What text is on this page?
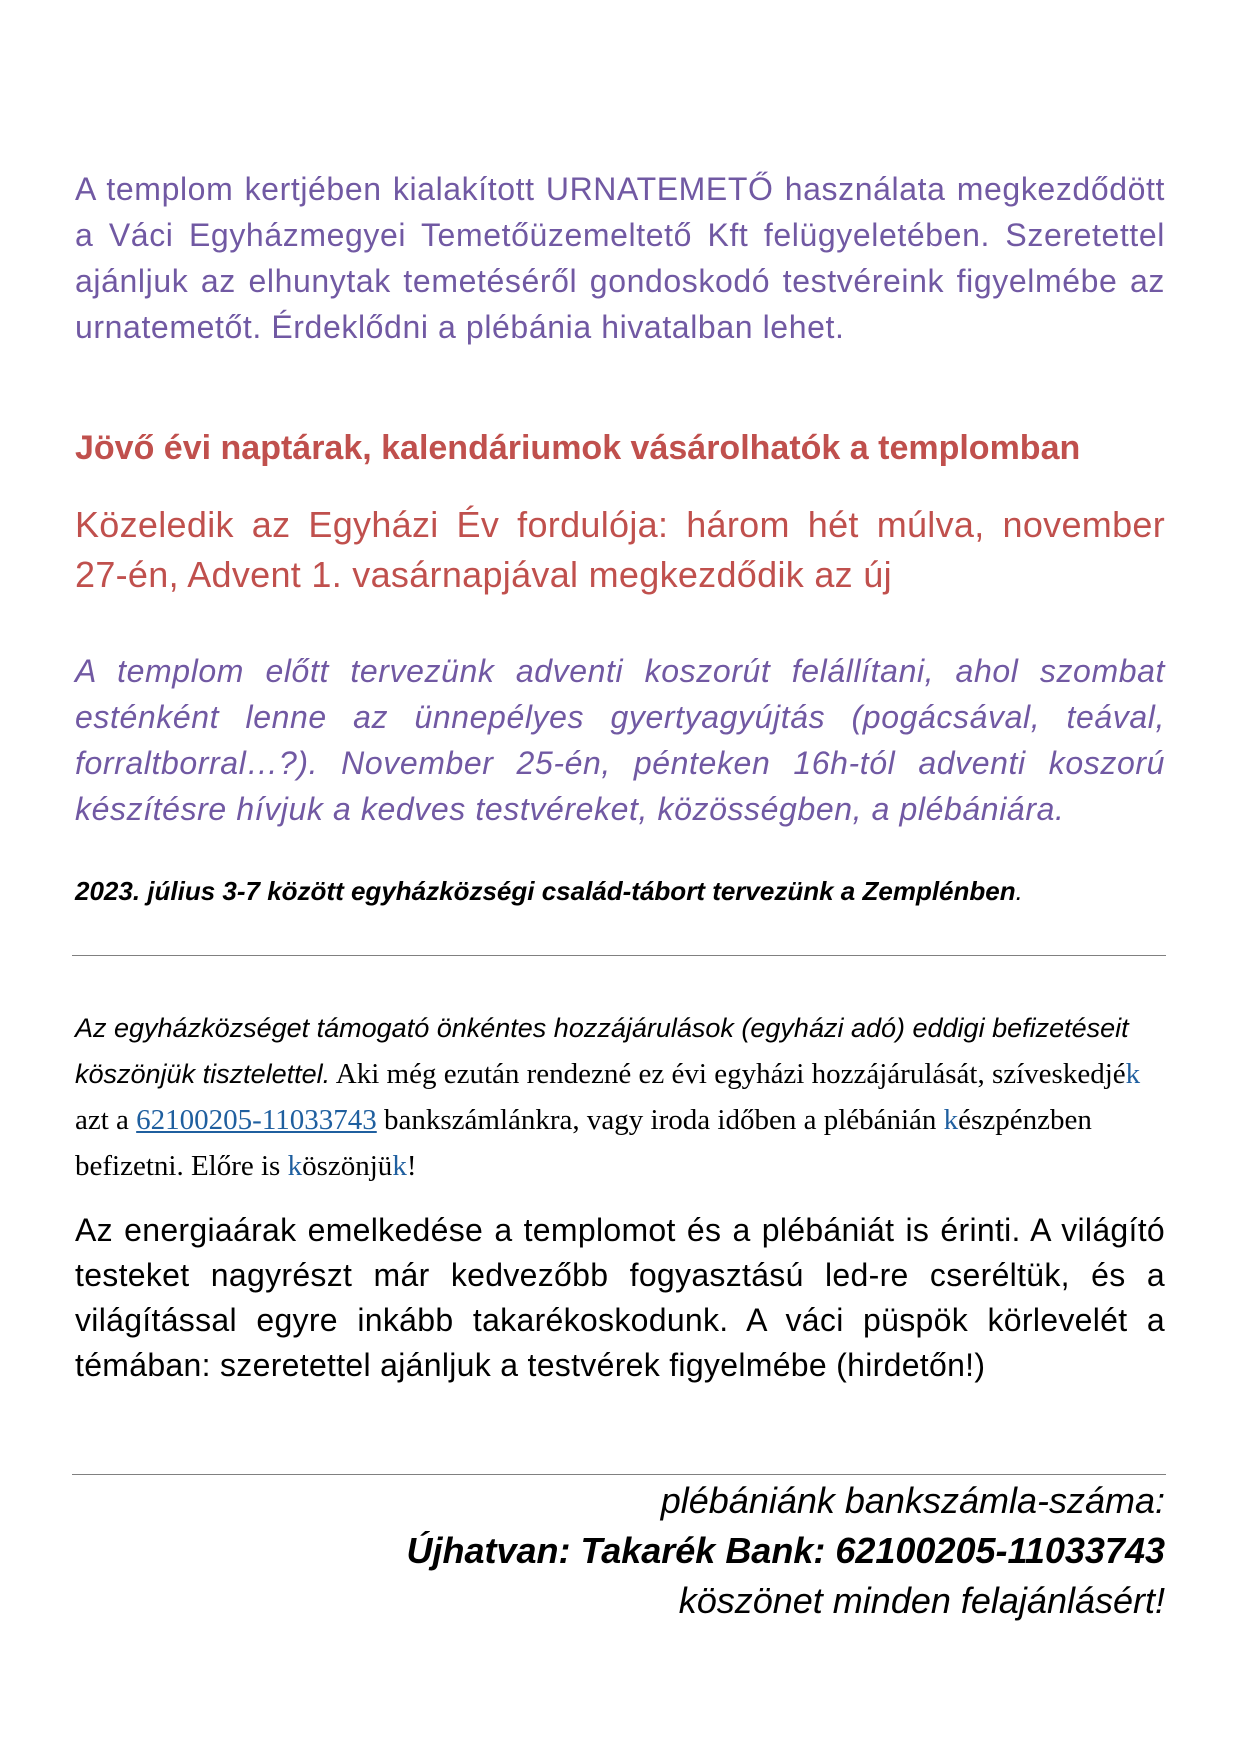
A templom kertjében kialakított URNATEMETŐ használata megkezdődött a Váci Egyházmegyei Temetőüzemeltető Kft felügyeletében. Szeretettel ajánljuk az elhunytak temetéséről gondoskodó testvéreink figyelmébe az urnatemetőt. Érdeklődni a plébánia hivatalban lehet.

Jövő évi naptárak, kalendáriumok vásárolhatók a templomban

Közeledik az Egyházi Év fordulója: három hét múlva, november 27-én, Advent 1. vasárnapjával megkezdődik az új

A templom előtt tervezünk adventi koszorút felállítani, ahol szombat esténként lenne az ünnepélyes gyertyagyújtás (pogácsával, teával, forraltborral…?). November 25-én, pénteken 16h-tól adventi koszorú készítésre hívjuk a kedves testvéreket, közösségben, a plébániára.

2023. július 3-7 között egyházközségi család-tábort tervezünk a Zemplénben.

Az egyházközséget támogató önkéntes hozzájárulások (egyházi adó) eddigi befizetéseit köszönjük tisztelettel. Aki még ezután rendezné ez évi egyházi hozzájárulását, szíveskedjék azt a 62100205-11033743 bankszámlánkra, vagy iroda időben a plébánián készpénzben befizetni. Előre is köszönjük!

Az energiaárak emelkedése a templomot és a plébániát is érinti. A világító testeket nagyrészt már kedvezőbb fogyasztású led-re cseréltük, és a világítással egyre inkább takarékoskodunk. A váci püspök körlevelét a témában: szeretettel ajánljuk a testvérek figyelmébe (hirdetőn!)

plébániánk bankszámla-száma:
Újhatvan: Takarék Bank: 62100205-11033743
köszönet minden felajánlásért!
